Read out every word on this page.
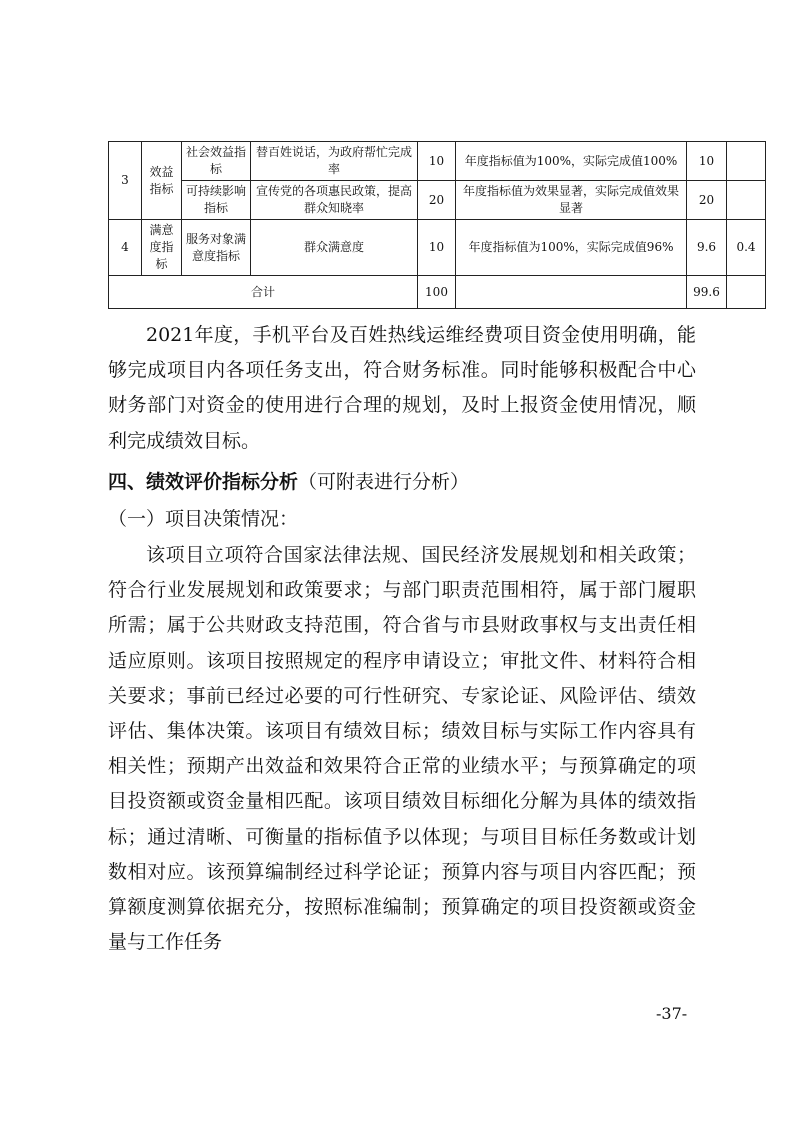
3	效益指标	社会效益指标	替百姓说话，为政府帮忙完成率	10	年度指标值为100%，实际完成值100%	10	
		可持续影响指标	宣传党的各项惠民政策，提高群众知晓率	20	年度指标值为效果显著，实际完成值效果显著	20	
4	满意度指标	服务对象满意度指标	群众满意度	10	年度指标值为100%，实际完成值96%	9.6	0.4
合计				100		99.6	

2021年度，手机平台及百姓热线运维经费项目资金使用明确，能够完成项目内各项任务支出，符合财务标准。同时能够积极配合中心财务部门对资金的使用进行合理的规划，及时上报资金使用情况，顺利完成绩效目标。

四、绩效评价指标分析（可附表进行分析）

（一）项目决策情况：

该项目立项符合国家法律法规、国民经济发展规划和相关政策；符合行业发展规划和政策要求；与部门职责范围相符，属于部门履职所需；属于公共财政支持范围，符合省与市县财政事权与支出责任相适应原则。该项目按照规定的程序申请设立；审批文件、材料符合相关要求；事前已经过必要的可行性研究、专家论证、风险评估、绩效评估、集体决策。该项目有绩效目标；绩效目标与实际工作内容具有相关性；预期产出效益和效果符合正常的业绩水平；与预算确定的项目投资额或资金量相匹配。该项目绩效目标细化分解为具体的绩效指标；通过清晰、可衡量的指标值予以体现；与项目目标任务数或计划数相对应。该预算编制经过科学论证；预算内容与项目内容匹配；预算额度测算依据充分，按照标准编制；预算确定的项目投资额或资金量与工作任务

-37-
